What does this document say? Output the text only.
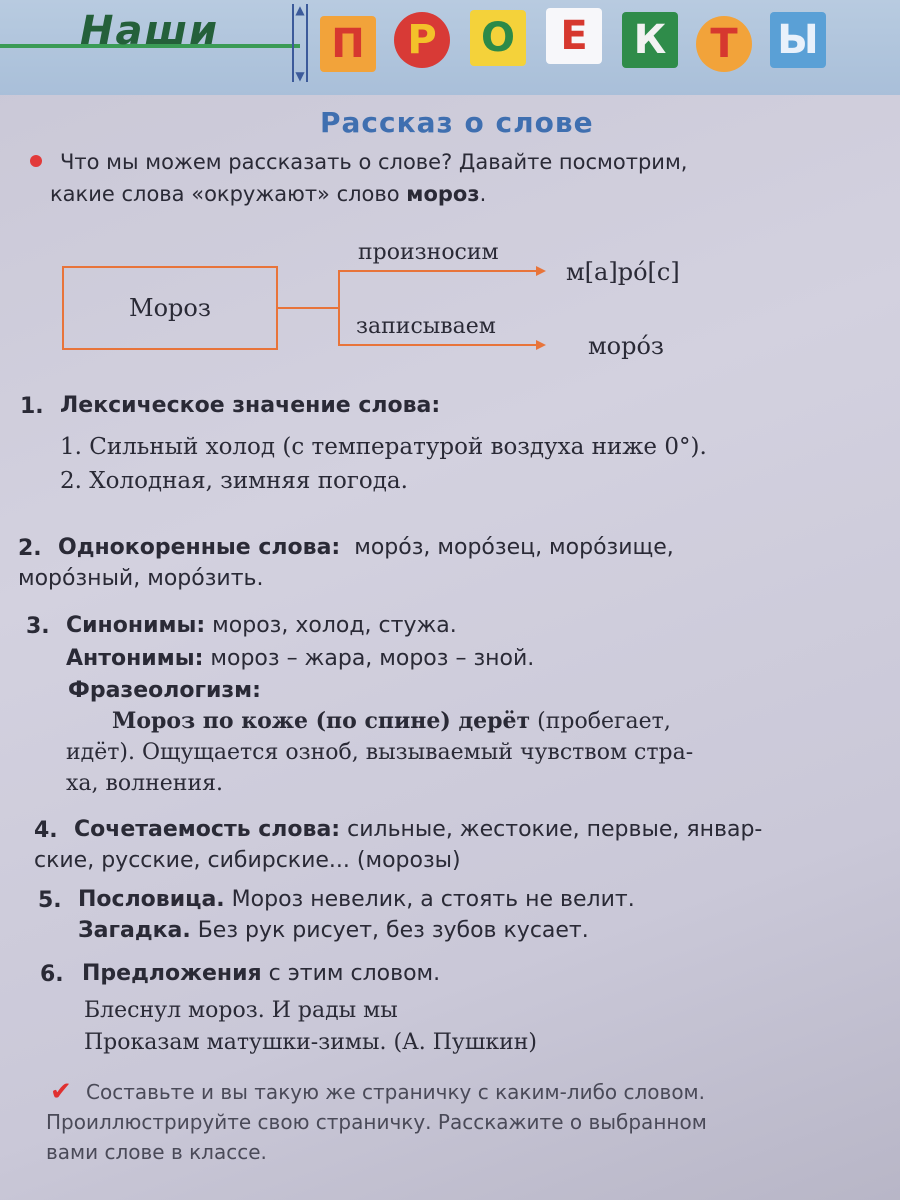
Наши	▲
▼
П	Р	О	Е	К	Т Ы
Рассказ о слове
Что мы можем рассказать о слове? Давайте посмотрим,
какие слова «окружают» слово мороз.
Мороз
произносим
м[а]ро́[с]
записываем
моро́з
1. Лексическое значение слова:
1. Сильный холод (с температурой воздуха ниже 0°).
2. Холодная, зимняя погода.
2. Однокоренные слова: моро́з, моро́зец, моро́зище,
моро́зный, моро́зить.
3. Синонимы: мороз, холод, стужа.
Антонимы: мороз – жара, мороз – зной.
Фразеологизм:
Мороз по коже (по спине) дерёт (пробегает,
идёт). Ощущается озноб, вызываемый чувством стра-
ха, волнения.
4. Сочетаемость слова: сильные, жестокие, первые, январ-
ские, русские, сибирские... (морозы)
5. Пословица. Мороз невелик, а стоять не велит.
Загадка. Без рук рисует, без зубов кусает.
6. Предложения с этим словом.
Блеснул мороз. И рады мы
Проказам матушки-зимы. (А. Пушкин)
✔ Составьте и вы такую же страничку с каким-либо словом.
Проиллюстрируйте свою страничку. Расскажите о выбранном
вами слове в классе.
